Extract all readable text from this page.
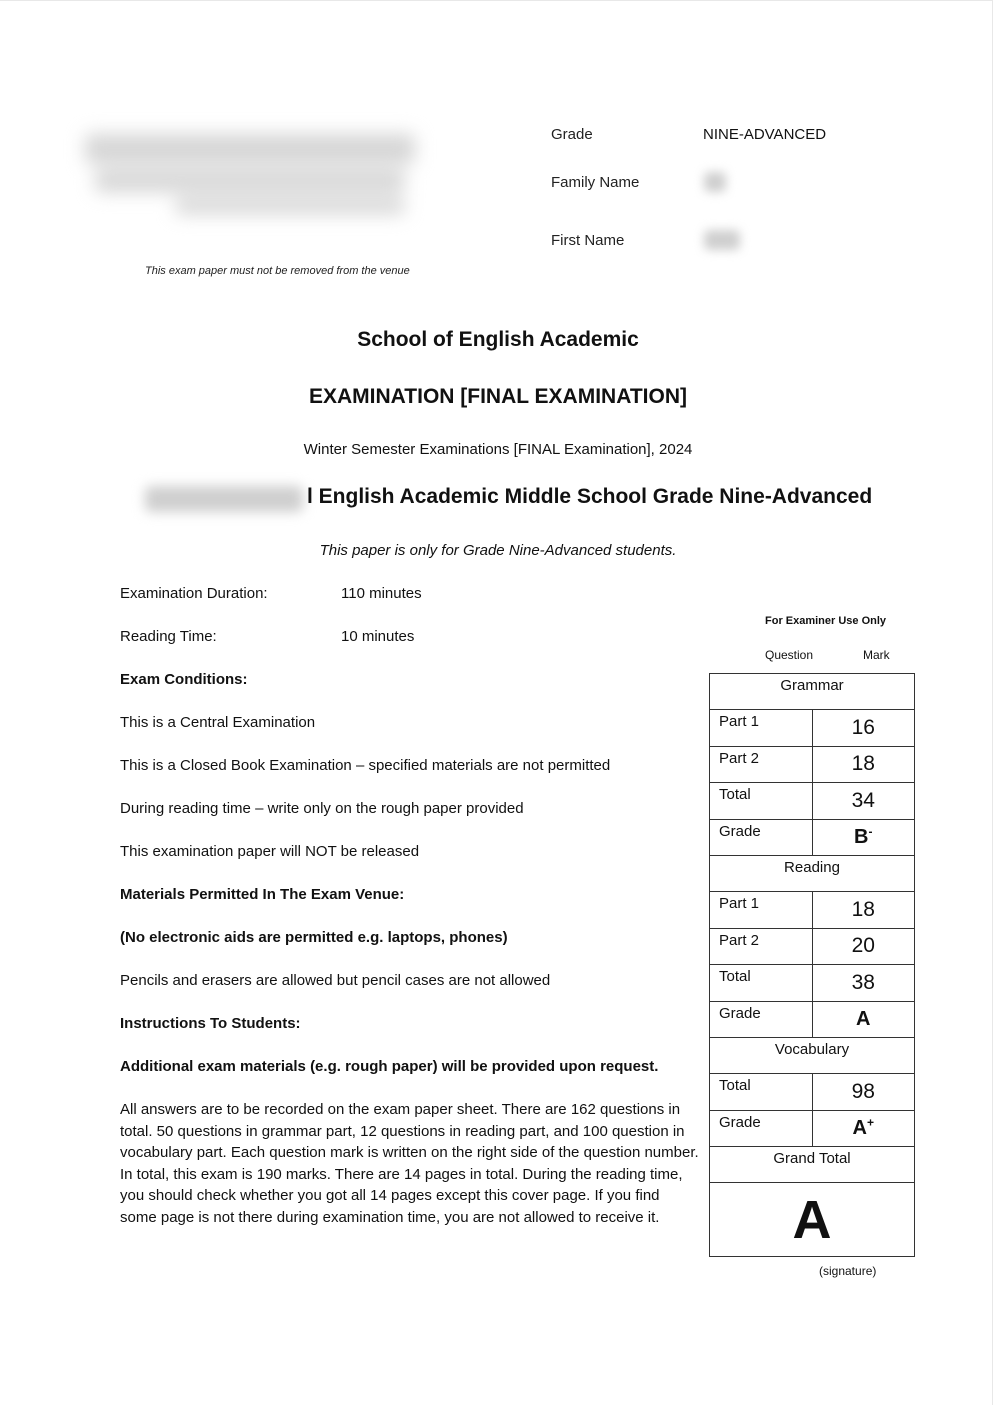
This exam paper must not be removed from the venue
Grade	NINE-ADVANCED
Family Name
First Name
School of English Academic
EXAMINATION [FINAL EXAMINATION]
Winter Semester Examinations [FINAL Examination], 2024
l English Academic Middle School Grade Nine-Advanced
This paper is only for Grade Nine-Advanced students.
Examination Duration:	110 minutes
Reading Time:	10 minutes
Exam Conditions:
This is a Central Examination
This is a Closed Book Examination – specified materials are not permitted
During reading time – write only on the rough paper provided
This examination paper will NOT be released
Materials Permitted In The Exam Venue:
(No electronic aids are permitted e.g. laptops, phones)
Pencils and erasers are allowed but pencil cases are not allowed
Instructions To Students:
Additional exam materials (e.g. rough paper) will be provided upon request.
All answers are to be recorded on the exam paper sheet. There are 162 questions in total. 50 questions in grammar part, 12 questions in reading part, and 100 question in vocabulary part. Each question mark is written on the right side of the question number. In total, this exam is 190 marks. There are 14 pages in total. During the reading time, you should check whether you got all 14 pages except this cover page. If you find some page is not there during examination time, you are not allowed to receive it.
For Examiner Use Only
Question	Mark
Grammar	
Part 1	16
Part 2	18
Total	34
Grade	B-
Reading	
Part 1	18
Part 2	20
Total	38
Grade	A
Vocabulary	
Total	98
Grade	A+
Grand Total	
A	
(signature)
